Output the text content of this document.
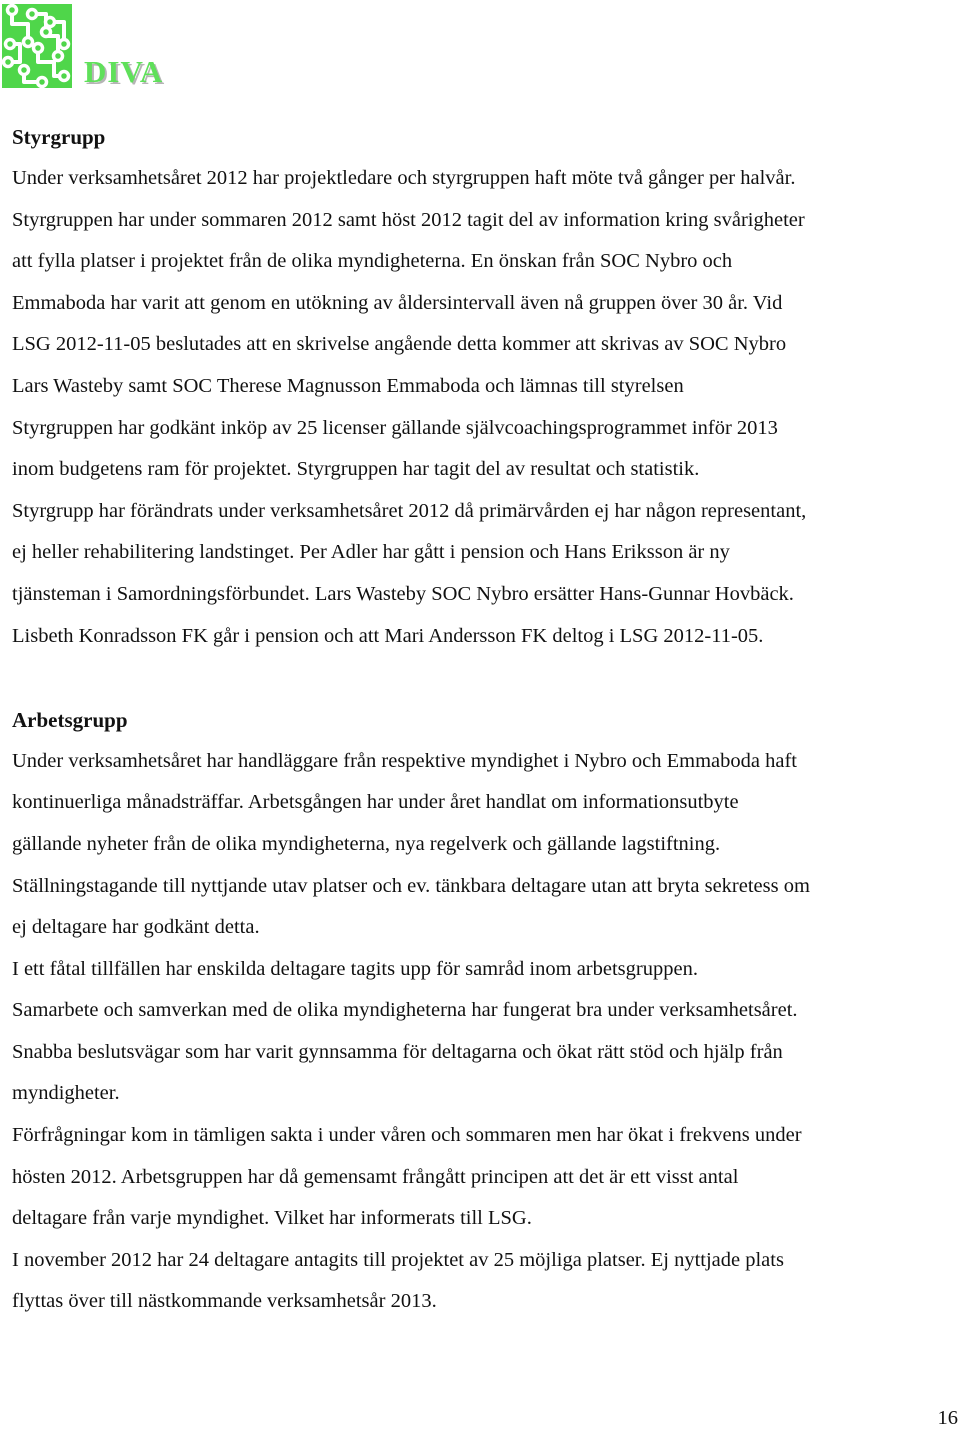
DIVA
Styrgrupp

Under verksamhetsåret 2012 har projektledare och styrgruppen haft möte två gånger per halvår.

Styrgruppen har under sommaren 2012 samt höst 2012 tagit del av information kring svårigheter

att fylla platser i projektet från de olika myndigheterna. En önskan från SOC Nybro och

Emmaboda har varit att genom en utökning av åldersintervall även nå gruppen över 30 år. Vid

LSG 2012-11-05 beslutades att en skrivelse angående detta kommer att skrivas av SOC Nybro

Lars Wasteby samt SOC Therese Magnusson Emmaboda och lämnas till styrelsen

Styrgruppen har godkänt inköp av 25 licenser gällande självcoachingsprogrammet inför 2013

inom budgetens ram för projektet. Styrgruppen har tagit del av resultat och statistik.

Styrgrupp har förändrats under verksamhetsåret 2012 då primärvården ej har någon representant,

ej heller rehabilitering landstinget. Per Adler har gått i pension och Hans Eriksson är ny

tjänsteman i Samordningsförbundet. Lars Wasteby SOC Nybro ersätter Hans-Gunnar Hovbäck.

Lisbeth Konradsson FK går i pension och att Mari Andersson FK deltog i LSG 2012-11-05.

Arbetsgrupp

Under verksamhetsåret har handläggare från respektive myndighet i Nybro och Emmaboda haft

kontinuerliga månadsträffar. Arbetsgången har under året handlat om informationsutbyte

gällande nyheter från de olika myndigheterna, nya regelverk och gällande lagstiftning.

Ställningstagande till nyttjande utav platser och ev. tänkbara deltagare utan att bryta sekretess om

ej deltagare har godkänt detta.

I ett fåtal tillfällen har enskilda deltagare tagits upp för samråd inom arbetsgruppen.

Samarbete och samverkan med de olika myndigheterna har fungerat bra under verksamhetsåret.

Snabba beslutsvägar som har varit gynnsamma för deltagarna och ökat rätt stöd och hjälp från

myndigheter.

Förfrågningar kom in tämligen sakta i under våren och sommaren men har ökat i frekvens under

hösten 2012. Arbetsgruppen har då gemensamt frångått principen att det är ett visst antal

deltagare från varje myndighet. Vilket har informerats till LSG.

I november 2012 har 24 deltagare antagits till projektet av 25 möjliga platser. Ej nyttjade plats

flyttas över till nästkommande verksamhetsår 2013.

16
